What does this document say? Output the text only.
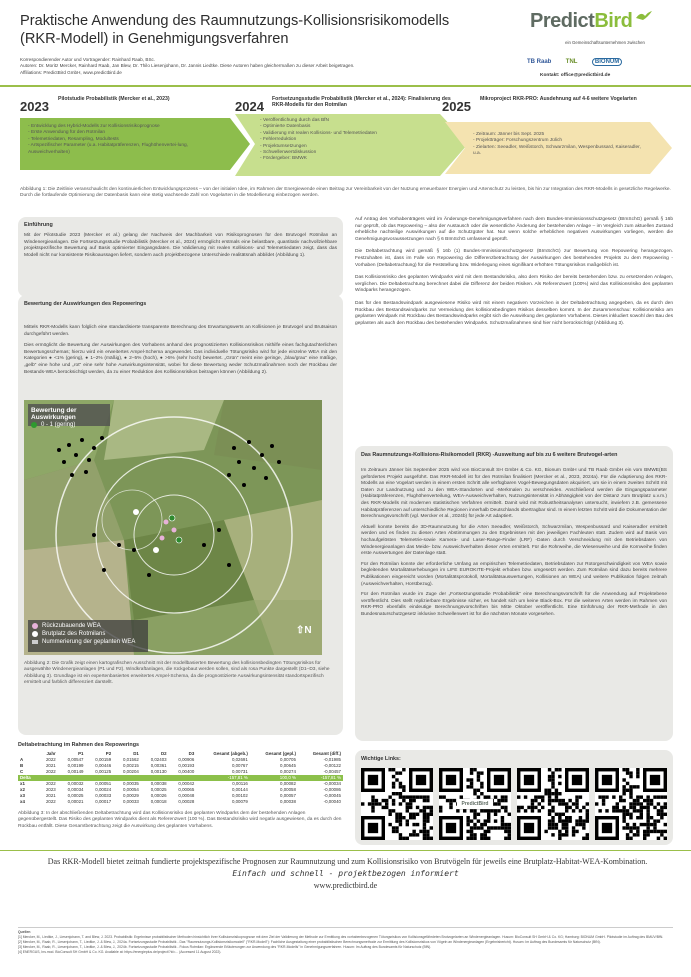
Praktische Anwendung des Raumnutzungs-Kollisionsrisikomodells (RKR-Modell) in Genehmigungsverfahren
Korrespondierender Autor und Vortragender: Rainhard Raab, BSc.
Autoren: Dr. Moritz Mercker, Rainhard Raab, Jan Blew, Dr. Thilo Liesenjohann, Dr. Jannis Liedtke. Diese Autoren haben gleichermaßen zu dieser Arbeit beigetragen.
Affiliations: PredictBird GmbH, www.predictbird.de
PredictBird
ein Gemeinschaftsunternehmen zwischen
TB Raab TNL	BIONUM
Kontakt: office@predictbird.de
2023 Pilotstudie Probabilistik (Mercker et al., 2023)	2024 Fortsetzungsstudie Probabilistik (Mercker et al., 2024): Finalisierung des RKR-Modells für den Rotmilan	2025 Mikroproject RKR-PRO: Ausdehnung auf 4-6 weitere Vogelarten
- Entwicklung des Hybrid-Modells zur Kollisionsrisikoprognose
- Erste Anwendung für den Rotmilan
- Telemetriedaten, Resampling, Modultests
- Artspezifischer Parameter (u.a. Habitatpräferenzen, Flughöhenvertei-lung, Ausweichverhalten)
- Veröffentlichung durch das BfN
- Optimierte Datenbasis
- Validierung mit realen Kollisions- und Telemetriedaten
- Fehlerreduktion
- Projektumsetzungen
- Schwellenwertdiskussion
- Fördergeber: BMWK
- Zeitraum: Jänner bis Sept. 2025
- Projektträger: Forschungszentrum Jülich
- Zielarten: Seeadler, Weißstorch, Schwarzmilan, Wespenbussard, Kaiseradler, u.a.

Abbildung 1: Die Zeitlinie veranschaulicht den kontinuierlichen Entwicklungsprozess – von der initialen Idee, im Rahmen der Energiewende einen Beitrag zur Vereinbarkeit von der Nutzung erneuerbarer Energien und Artenschutz zu leisten, bis hin zur Integration des RKR-Modells in gesetzliche Regelwerke. Durch die fortlaufende Optimierung der Datenbasis kann eine stetig wachsende Zahl von Vogelarten in die Modellierung einbezogen werden.

Einführung

Mit der Pilotstudie 2023 (Mercker et al.) gelang der Nachweis der Machbarkeit von Risikoprognosen für den Brutvogel Rotmilan an Windenergieanlagen. Die Fortsetzungsstudie Probabilistik (Mercker et al., 2024) ermöglicht erstmals eine belastbare, quantitativ nachvollziehbare projektspezifische Bewertung auf Basis optimierter Eingangsdaten. Die Validierung mit realen Kollisions- und Telemetriedaten zeigt, dass das Modell nicht nur konsistente Risikoaussagen liefert, sondern auch projektbezogene Unterschiede realitätsnah abbildet (Abbildung 1).

Bewertung der Auswirkungen des Repowerings

Mittels RKR-Modells kann folglich eine standardisierte transparente Berechnung des Erwartungswerts an Kollisionen je Brutvogel und Brutsaison durchgeführt werden.

Dies ermöglicht die Bewertung der Auswirkungen des Vorhabens anhand des prognostizierten Kollisionsrisikos mithilfe eines fachgutachterlichen Bewertungsschemas; hierzu wird ein erweitertes Ampel-Schema angewendet. Das individuelle Tötungsrisiko wird für jede einzelne WEA mit den Kategorien ● <1% (gering), ● 1–2% (mäßig), ● 2–5% (hoch), ● >5% (sehr hoch) bewertet. „Grün" meint eine geringe, „blau/grau" eine mäßige, „gelb" eine hohe und „rot" eine sehr hohe Auswirkungsintensität, wobei für diese Bewertung weder Schutzmaßnahmen noch der Rückbau der Bestands-WEA berücksichtigt werden, da zu einer Reduktion des Kollisionsrisikos beitragen können (Abbildung 2).

Bewertung der Auswirkungen
0 - 1 (gering)
Rückzubauende WEA
Brutplatz des Rotmilans
Nummerierung der geplanten WEA
⇧N

Abbildung 2: Die Grafik zeigt einen kartografischen Ausschnitt mit der modellbasierten Bewertung des kollisionsbedingten Tötungsrisikos für ausgewählte Windenergieanlagen (P1 und P2). Windkraftanlagen, die rückgebaut werden sollen, sind als rosa Punkte dargestellt (D1–D3, siehe Abbildung 3). Grundlage ist ein expertenbasiertes erweitertes Ampel-Schema, da die prognostizierte Auswirkungsintensität standortspezifisch ermittelt und farblich differenziert darstellt.

Deltabetrachtung im Rahmen des Repowerings
	Jahr	P1	P2	D1	D2	D3	Gesamt (abgeb.)	Gesamt (gepl.)	Gesamt (diff.)
A	2022	0,00547	0,00159	0,01562	0,02403	0,00906	0,02691	0,00705	-0,01985
B	2021	0,00199	0,00446	0,00215	0,00361	0,00193	0,00767	0,00645	-0,00122
C	2022	0,00149	0,00125	0,00204	0,00130	0,00400	0,00731	0,00274	-0,00457
Delta							-157,81 %	100,0 %	-157,81 %
x1	2022	0,00032	0,00051	0,00035	0,00038	0,00042	0,00116	0,00082	-0,00034
x2	2023	0,00034	0,00024	0,00054	0,00025	0,00065	0,00144	0,00058	-0,00086
x3	2021	0,00025	0,00033	0,00029	0,00026	0,00048	0,00102	0,00057	-0,00045
x4	2022	0,00021	0,00017	0,00033	0,00018	0,00028	0,00079	0,00038	-0,00040

Abbildung 3: In der abschließenden Deltabetrachtung wird das Kollisionsrisiko des geplanten Windparks dem der bestehenden Anlagen gegenübergestellt. Das Risiko des geplanten Windparks dient als Referenzwert (100 %). Das Bestandsrisiko wird negativ ausgewiesen, da es durch den Rückbau entfällt. Diese Gesamtbetrachtung zeigt die Auswirkung des geplanten Vorhabens.

Auf Antrag des Vorhabenträgers wird im Änderungs-Genehmigungsverfahren nach dem Bundes-Immissionsschutzgesetz (BImSchG) gemäß § 16b nur geprüft, ob das Repowering – also der Austausch oder die wesentliche Änderung der bestehenden Anlage – im Vergleich zum aktuellen Zustand erhebliche nachteilige Auswirkungen auf die Schutzgüter hat. Nur wenn solche erheblichen negativen Auswirkungen vorliegen, werden die Genehmigungsvoraussetzungen nach § 6 BImSchG umfassend geprüft.

Die Deltabetrachtung wird gemäß § 16b (1) Bundes-Immissionsschutzgesetz (BImSchG) zur Bewertung von Repowering herangezogen. Festzuhalten ist, dass im Falle von Repowering die Differenzbetrachtung der Auswirkungen des bestehenden Projekts zu dem Repowering - Vorhaben (Deltabetrachtung) für die Feststellung bzw. Widerlegung eines signifikant erhöhten Tötungsrisikos maßgeblich ist.

Das Kollisionsrisiko des geplanten Windparks wird mit dem Bestandsrisiko, also dem Risiko der bereits bestehenden bzw. zu ersetzenden Anlagen, verglichen. Die Deltabetrachtung berechnet dabei die Differenz der beiden Risiken. Als Referenzwert (100%) wird das Kollisionsrisiko des geplanten Windparks herangezogen.

Das für den Bestandswindpark ausgewiesene Risiko wird mit einem negativen Vorzeichen in der Deltabetrachtung angegeben, da es durch den Rückbau des Bestandswindparks zur Vermeidung des kollisionsbedingten Risikos desselben kommt. In der Zusammenschau: Kollisionsrisiko am geplanten Windpark mit Rückbau des Bestandswindparks ergibt sich die Auswirkung des geplanten Vorhabens. Dieses inkludiert sowohl den Bau des geplanten als auch den Rückbau des bestehenden Windparks. Schutzmaßnahmen sind hier nicht berücksichtigt (Abbildung 3).

Das Raumnutzungs-Kollisions-Risikomodell (RKR) -Ausweitung auf bis zu 6 weitere Brutvogel-arten

Im Zeitraum Jänner bis September 2025 wird von BioConsult SH GmbH & Co. KG, Bionum GmbH und TB Raab GmbH ein vom BMWE(BS gefördertes Projekt ausgeführt. Das RKR-Modell ist für den Rotmilan finalisiert (Mercker et al., 2023, 2024a). Für die Adaptierung des RKR-Modells an eine Vogelart werden in einem ersten Schritt alle verfügbaren Vogel-Bewegungsdaten akquiriert, um sie in einem zweiten Schritt mit Daten zur Landnutzung und zu den WEA-Standorten und -Merkmalen zu verschneiden. Anschließend werden die Eingangsparameter (Habitatpräferenzen, Flughöhenverteilung, WEA-Ausweichverhalten, Nutzungsintensität in Abhängigkeit von der Distanz zum Brutplatz u.v.m.) des RKR-Modells mit modernen statistischen Verfahren ermittelt. Damit wird mit Robustheitsanalysen untersucht, inwiefern z.B. gemessene Habitatpräferenzen auf unterschiedliche Regionen innerhalb Deutschlands übertragbar sind. In einem letzten Schritt wird die Dokumentation der Berechnungsvorschrift (vgl. Mercker et al., 2024b) für jede Art adaptiert.

Aktuell konnte bereits die 3D-Raumnutzung für die Arten Seeadler, Weißstorch, Schwarzmilan, Wespenbussard und Kaiseradler ermittelt werden und es finden zu diesen Arten Abstimmungen zu den Ergebnissen mit den jeweiligen Fachleuten statt. Zudem wird auf Basis von hochaufgelösten Telemetrie-sowie Kamera- und Laser-Range-Finder (LRF) -Daten durch Verschneidung mit den Betriebsdaten von Windenergieanlagen das Meide- bzw. Ausweichverhalten dieser Arten ermittelt. Für die Rohrweihe, die Wiesenweihe und die Kornweihe finden erste Auswertungen der Datenlage statt.

Für den Rotmilan konnte der erforderliche Umfang an empirischen Telemetriedaten, Betriebsdaten zur Rotorgeschwindigkeit von WEA sowie begleitenden Mortalitätserhebungen im LIFE EUROKITE-Projekt erhoben bzw. umgesetzt werden. Zum Rotmilan sind dazu bereits mehrere Publikationen eingereicht worden (Mortalitätsprotokoll, Mortalitätsauswertungen, Kollisionen an WEA) und weitere Publikation folgen zeitnah (Ausweichverhalten, Horstbezug).

Für den Rotmilan wurde im Zuge der „Fortsetzungsstudie Probabilistik" eine Berechnungsvorschrift für die Anwendung auf Projektebene veröffentlicht. Dies stellt replizierbare Ergebnisse sicher, es handelt sich um keine Black-Box. Für die weiteren Arten werden im Rahmen von RKR-PRO ebenfalls eindeutige Berechnungsvorschriften bis Mitte Oktober veröffentlicht. Eine Einführung der RKR-Methode in den Bundesnaturschutzgesetz inklusive Schwellenwert ist für die nächsten Monate vorgesehen.

Wichtige Links:
PredictBird

Das RKR-Modell bietet zeitnah fundierte projektspezifische Prognosen zur Raumnutzung und zum Kollisionsrisiko von Brutvögeln für jeweils eine Brutplatz-Habitat-WEA-Kombination.

Einfach und schnell - projektbezogen informiert

www.predictbird.de

Quellen
[1] Mercker, M., Liedtke, J., Liesenjohann, T. and Blew, J. 2023. Probabilistik: Ergebnisse probabilistischer Methoden hinsichtlich ihrer Kollisionsrisikoprognose mit dem Ziel der Validierung der Methode zur Ermittlung des vorhabenbezogenen Tötungsrisikos von Kollisionsgefährdeten Brutvogelarten an Windenergieanlagen. Husum: BioConsult SH GmbH & Co. KG; Hamburg: BIONUM GmbH. Pilotstudie im Auftrag des BMUV/BfN.
[2] Mercker, M., Raab, R., Liesenjohann, T., Liedtke, J. & Blew, J., 2024a. Fortsetzungsstudie Probabilistik - Das "Raumnutzungs-Kollisionsrisikomodell" ("RKR-Modell"): Fachliche Ausgestaltung einer probabilistischen Berechnungsmethode zur Ermittlung des Kollisionsrisikos von Vögeln an Windenergieanlagen (Ergebnisbericht). Husum: Im Auftrag des Bundesamts für Naturschutz (BfN).
[3] Mercker, M., Raab, R., Liesenjohann, T., Liedtke, J. & Blew, J., 2024b. Fortsetzungsstudie Probabilistik - Fokus Rotmilan: Ergänzende Erläuterungen zur Anwendung des "RKR-Modells" in Genehmigungsverfahren. Husum: Im Auftrag des Bundesamts für Naturschutz (BfN).
[4] ENERGUS, Ins.mod. BioConsult SH GmbH & Co. KG. Available at: https://energieplus.de/project/?id=... (Accessed 11 August 2022).
